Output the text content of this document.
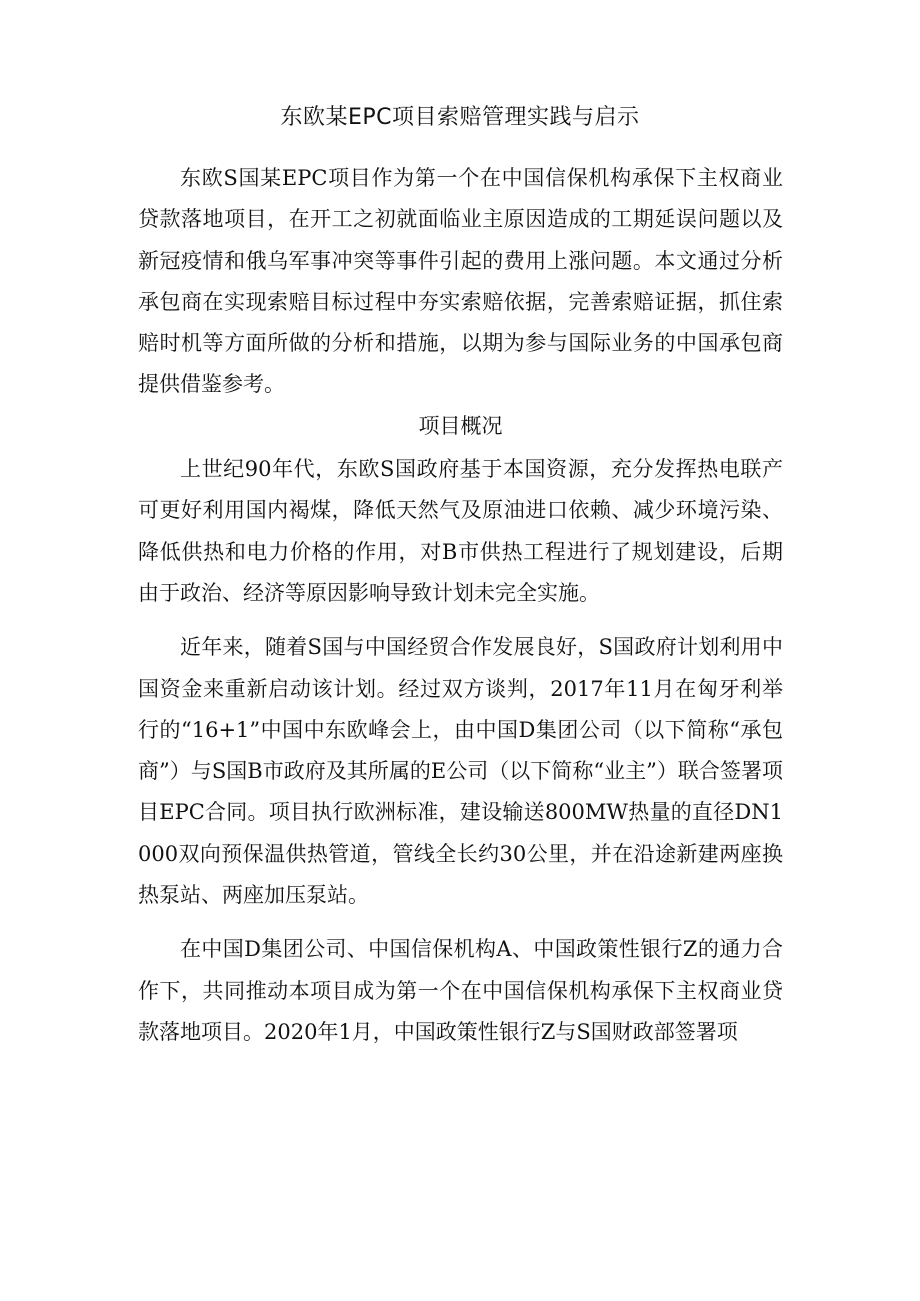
东欧某EPC项目索赔管理实践与启示

东欧S国某EPC项目作为第一个在中国信保机构承保下主权商业贷款落地项目，在开工之初就面临业主原因造成的工期延误问题以及新冠疫情和俄乌军事冲突等事件引起的费用上涨问题。本文通过分析承包商在实现索赔目标过程中夯实索赔依据，完善索赔证据，抓住索赔时机等方面所做的分析和措施，以期为参与国际业务的中国承包商提供借鉴参考。

项目概况

上世纪90年代，东欧S国政府基于本国资源，充分发挥热电联产可更好利用国内褐煤，降低天然气及原油进口依赖、减少环境污染、降低供热和电力价格的作用，对B市供热工程进行了规划建设，后期由于政治、经济等原因影响导致计划未完全实施。

近年来，随着S国与中国经贸合作发展良好，S国政府计划利用中国资金来重新启动该计划。经过双方谈判，2017年11月在匈牙利举行的“16+1”中国中东欧峰会上，由中国D集团公司（以下简称“承包商”）与S国B市政府及其所属的E公司（以下简称“业主”）联合签署项目EPC合同。项目执行欧洲标准，建设输送800MW热量的直径DN1000双向预保温供热管道，管线全长约30公里，并在沿途新建两座换热泵站、两座加压泵站。

在中国D集团公司、中国信保机构A、中国政策性银行Z的通力合作下，共同推动本项目成为第一个在中国信保机构承保下主权商业贷款落地项目。2020年1月，中国政策性银行Z与S国财政部签署项
